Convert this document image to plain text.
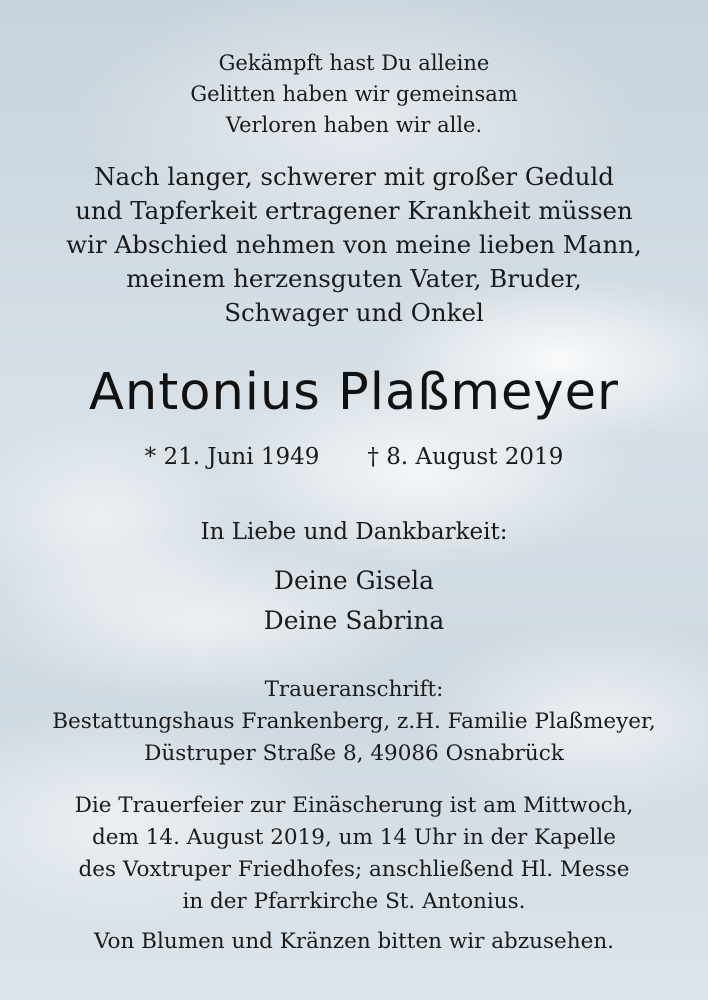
Gekämpft hast Du alleine
Gelitten haben wir gemeinsam
Verloren haben wir alle.
Nach langer, schwerer mit großer Geduld
und Tapferkeit ertragener Krankheit müssen
wir Abschied nehmen von meine lieben Mann,
meinem herzensguten Vater, Bruder,
Schwager und Onkel
Antonius Plaßmeyer
* 21. Juni 1949 † 8. August 2019
In Liebe und Dankbarkeit:
Deine Gisela
Deine Sabrina
Traueranschrift:
Bestattungshaus Frankenberg, z.H. Familie Plaßmeyer,
Düstruper Straße 8, 49086 Osnabrück
Die Trauerfeier zur Einäscherung ist am Mittwoch,
dem 14. August 2019, um 14 Uhr in der Kapelle
des Voxtruper Friedhofes; anschließend Hl. Messe
in der Pfarrkirche St. Antonius.
Von Blumen und Kränzen bitten wir abzusehen.
